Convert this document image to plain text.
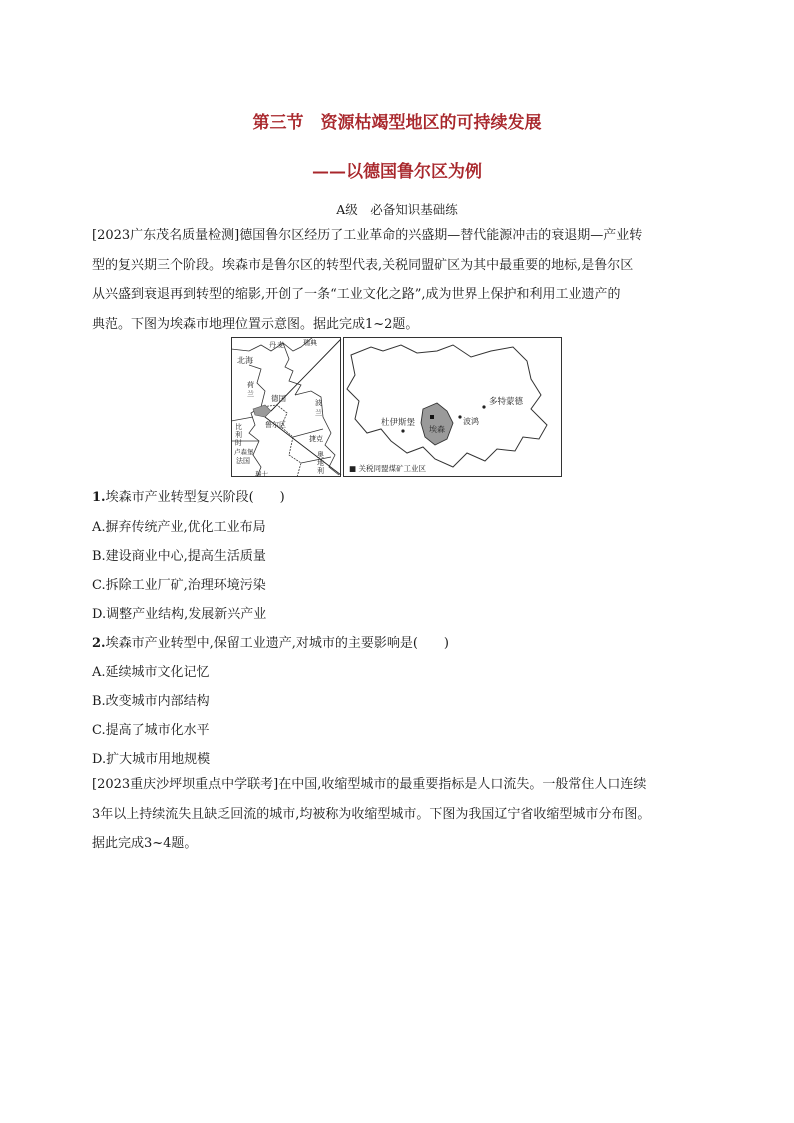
第三节　资源枯竭型地区的可持续发展
——以德国鲁尔区为例
A级　必备知识基础练

[2023广东茂名质量检测]德国鲁尔区经历了工业革命的兴盛期—替代能源冲击的衰退期—产业转
型的复兴期三个阶段。埃森市是鲁尔区的转型代表,关税同盟矿区为其中最重要的地标,是鲁尔区
从兴盛到衰退再到转型的缩影,开创了一条“工业文化之路”,成为世界上保护和利用工业遗产的
典范。下图为埃森市地理位置示意图。据此完成1~2题。

北海
丹 麦	瑞典
荷
兰 德国
鲁尔区
波
兰
比
利
时
卢森堡
法国
捷克
奥
地
利
瑞士
杜伊斯堡
埃森
波鸿
多特蒙德
■ 关税同盟煤矿工业区
1.埃森市产业转型复兴阶段(　　)
A.摒弃传统产业,优化工业布局
B.建设商业中心,提高生活质量
C.拆除工业厂矿,治理环境污染
D.调整产业结构,发展新兴产业
2.埃森市产业转型中,保留工业遗产,对城市的主要影响是(　　)
A.延续城市文化记忆
B.改变城市内部结构
C.提高了城市化水平
D.扩大城市用地规模

[2023重庆沙坪坝重点中学联考]在中国,收缩型城市的最重要指标是人口流失。一般常住人口连续
3年以上持续流失且缺乏回流的城市,均被称为收缩型城市。下图为我国辽宁省收缩型城市分布图。
据此完成3~4题。
